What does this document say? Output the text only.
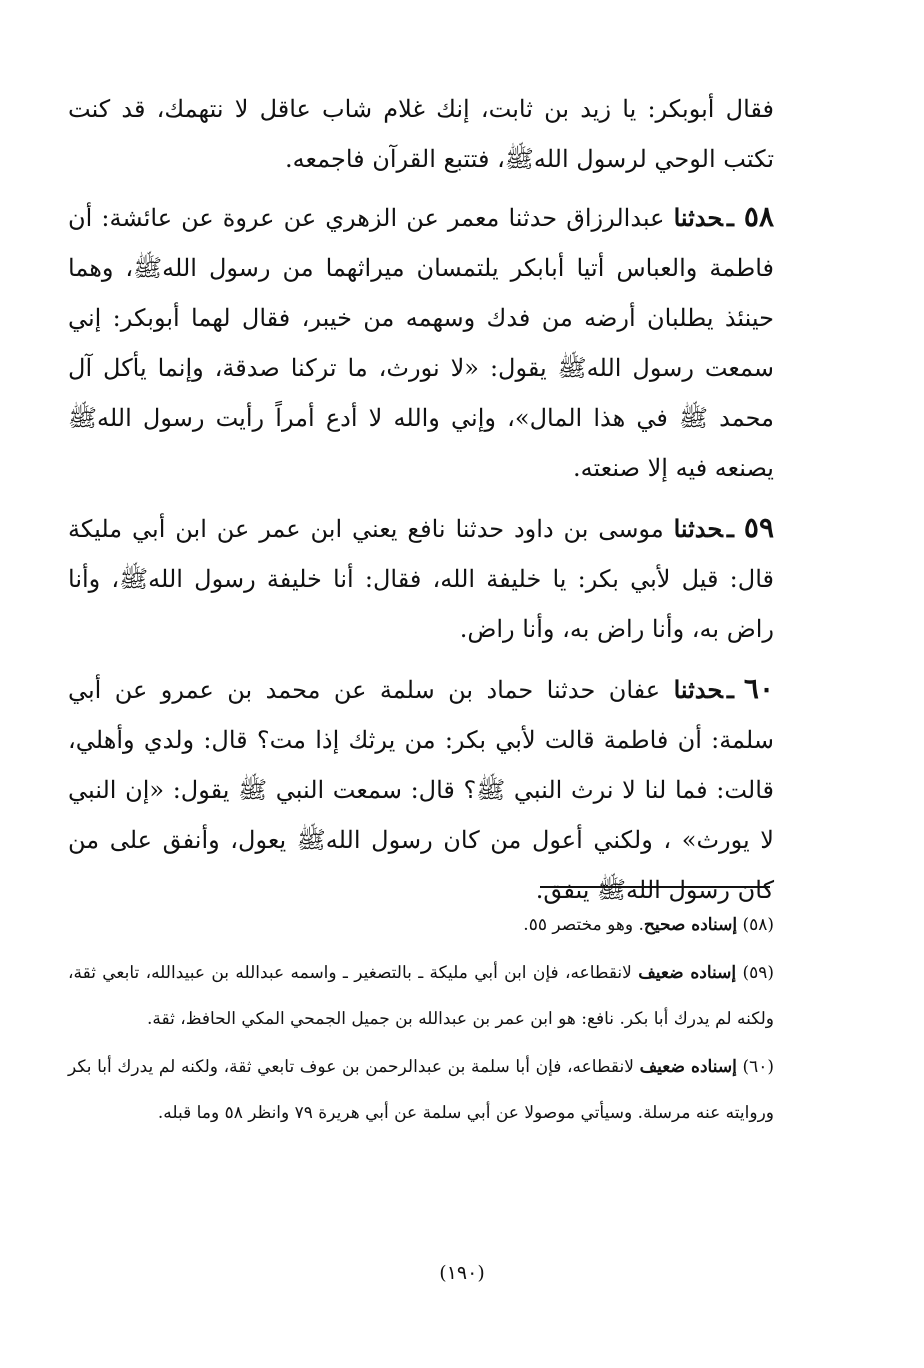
فقال أبوبكر: يا زيد بن ثابت، إنك غلام شاب عاقل لا نتهمك، قد كنت تكتب الوحي لرسول اللهﷺ، فتتبع القرآن فاجمعه.

٥٨ـحدثنا عبدالرزاق حدثنا معمر عن الزهري عن عروة عن عائشة: أن فاطمة والعباس أتيا أبابكر يلتمسان ميراثهما من رسول اللهﷺ، وهما حينئذ يطلبان أرضه من فدك وسهمه من خيبر، فقال لهما أبوبكر: إني سمعت رسول اللهﷺ يقول: «لا نورث، ما تركنا صدقة، وإنما يأكل آل محمد ﷺ في هذا المال»، وإني والله لا أدع أمراً رأيت رسول اللهﷺ يصنعه فيه إلا صنعته.

٥٩ـحدثنا موسى بن داود حدثنا نافع يعني ابن عمر عن ابن أبي مليكة قال: قيل لأبي بكر: يا خليفة الله، فقال: أنا خليفة رسول اللهﷺ، وأنا راض به، وأنا راض به، وأنا راض.

٦٠ـحدثنا عفان حدثنا حماد بن سلمة عن محمد بن عمرو عن أبي سلمة: أن فاطمة قالت لأبي بكر: من يرثك إذا مت؟ قال: ولدي وأهلي، قالت: فما لنا لا نرث النبي ﷺ؟ قال: سمعت النبي ﷺ يقول: «إن النبي لا يورث» ، ولكني أعول من كان رسول اللهﷺ يعول، وأنفق على من كان رسول اللهﷺ ينفق.

(٥٨) إسناده صحيح. وهو مختصر ٥٥.

(٥٩) إسناده ضعيف لانقطاعه، فإن ابن أبي مليكة ـ بالتصغير ـ واسمه عبدالله بن عبيدالله، تابعي ثقة، ولكنه لم يدرك أبا بكر. نافع: هو ابن عمر بن عبدالله بن جميل الجمحي المكي الحافظ، ثقة.

(٦٠) إسناده ضعيف لانقطاعه، فإن أبا سلمة بن عبدالرحمن بن عوف تابعي ثقة، ولكنه لم يدرك أبا بكر وروايته عنه مرسلة. وسيأتي موصولا عن أبي سلمة عن أبي هريرة ٧٩ وانظر ٥٨ وما قبله.

(١٩٠)
